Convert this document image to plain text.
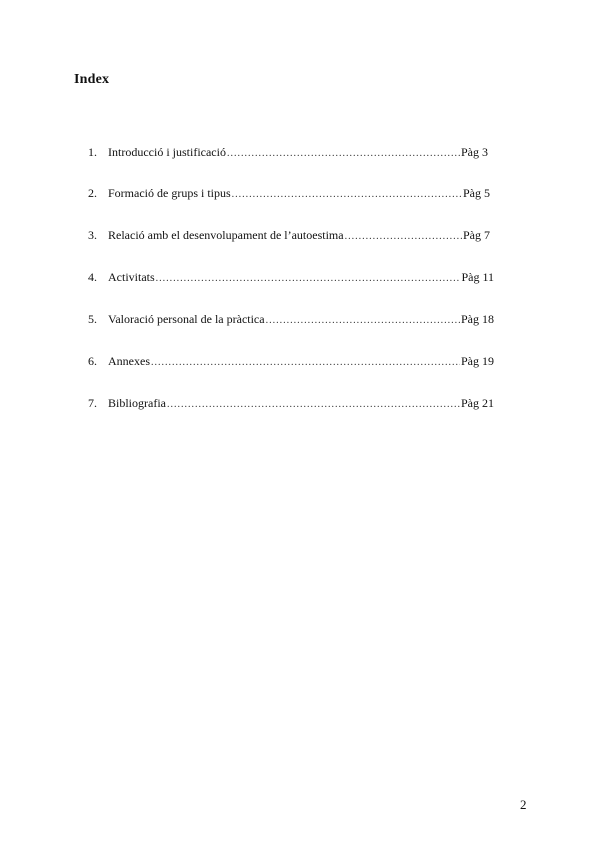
Index
1. Introducció i justificació .....	Pàg 3
2. Formació de grups i tipus .....	Pàg 5
3. Relació amb el desenvolupament de l’autoestima .....	Pàg 7
4. Activitats .....	Pàg 11
5. Valoració personal de la pràctica .....	Pàg 18
6. Annexes .....	Pàg 19
7. Bibliografia .....	Pàg 21
2
